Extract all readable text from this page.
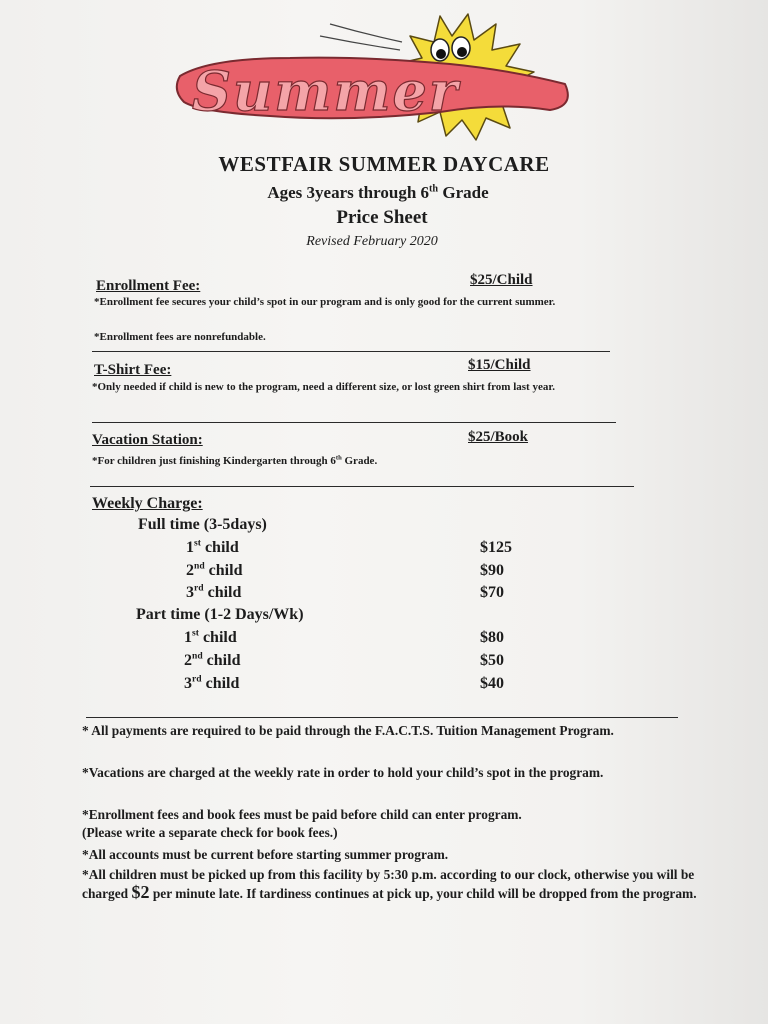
Summer
WESTFAIR SUMMER DAYCARE
Ages 3years through 6th Grade
Price Sheet
Revised February 2020
Enrollment Fee:	$25/Child
*Enrollment fee secures your child’s spot in our program and is only good for the current summer.
*Enrollment fees are nonrefundable.
T-Shirt Fee:	$15/Child
*Only needed if child is new to the program, need a different size, or lost green shirt from last year.
Vacation Station:	$25/Book
*For children just finishing Kindergarten through 6th Grade.
Weekly Charge:
Full time (3-5days)
1st child	$125
2nd child	$90
3rd child	$70
Part time (1-2 Days/Wk)
1st child	$80
2nd child	$50
3rd child	$40
* All payments are required to be paid through the F.A.C.T.S. Tuition Management Program.
*Vacations are charged at the weekly rate in order to hold your child’s spot in the program.
*Enrollment fees and book fees must be paid before child can enter program.
(Please write a separate check for book fees.)
*All accounts must be current before starting summer program.
*All children must be picked up from this facility by 5:30 p.m. according to our clock, otherwise you will be charged $2 per minute late. If tardiness continues at pick up, your child will be dropped from the program.
